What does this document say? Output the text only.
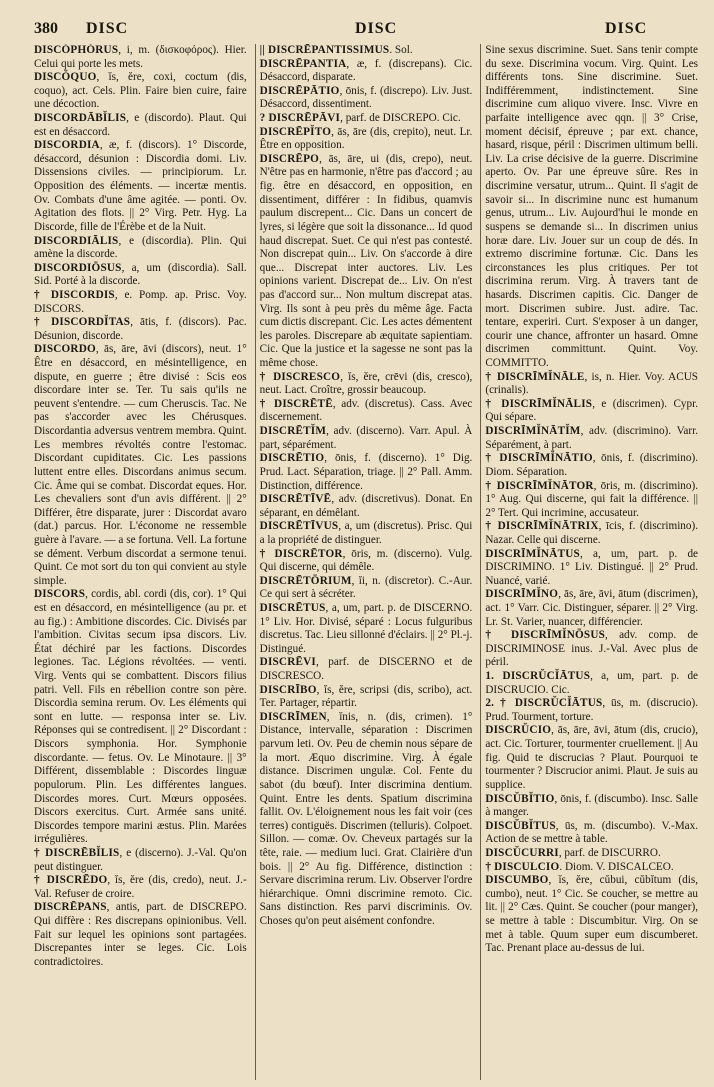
380 DISC	DISC	DISC

DISCŎPHŎRUS, i, m. (δισκοφόρος). Hier. Celui qui porte les mets.

DISCŎQUO, ĭs, ĕre, coxi, coctum (dis, coquo), act. Cels. Plin. Faire bien cuire, faire une décoction.

DISCORDĀBĬLIS, e (discordo). Plaut. Qui est en désaccord.

DISCORDIA, æ, f. (discors). 1° Discorde, désaccord, désunion : Discordia domi. Liv. Dissensions civiles. — principiorum. Lr. Opposition des éléments. — incertæ mentis. Ov. Combats d'une âme agitée. — ponti. Ov. Agitation des flots. || 2° Virg. Petr. Hyg. La Discorde, fille de l'Érèbe et de la Nuit.

DISCORDIĀLIS, e (discordia). Plin. Qui amène la discorde.

DISCORDIŌSUS, a, um (discordia). Sall. Sid. Porté à la discorde.

† DISCORDIS, e. Pomp. ap. Prisc. Voy. DISCORS.

† DISCORDĬTAS, ātis, f. (discors). Pac. Désunion, discorde.

DISCORDO, ās, āre, āvi (discors), neut. 1° Être en désaccord, en mésintelligence, en dispute, en guerre ; être divisé : Scis eos discordare inter se. Ter. Tu sais qu'ils ne peuvent s'entendre. — cum Cheruscis. Tac. Ne pas s'accorder avec les Chérusques. Discordantia adversus ventrem membra. Quint. Les membres révoltés contre l'estomac. Discordant cupiditates. Cic. Les passions luttent entre elles. Discordans animus secum. Cic. Âme qui se combat. Discordat eques. Hor. Les chevaliers sont d'un avis différent. || 2° Différer, être disparate, jurer : Discordat avaro (dat.) parcus. Hor. L'économe ne ressemble guère à l'avare. — a se fortuna. Vell. La fortune se dément. Verbum discordat a sermone tenui. Quint. Ce mot sort du ton qui convient au style simple.

DISCORS, cordis, abl. cordi (dis, cor). 1° Qui est en désaccord, en mésintelligence (au pr. et au fig.) : Ambitione discordes. Cic. Divisés par l'ambition. Civitas secum ipsa discors. Liv. État déchiré par les factions. Discordes legiones. Tac. Légions révoltées. — venti. Virg. Vents qui se combattent. Discors filius patri. Vell. Fils en rébellion contre son père. Discordia semina rerum. Ov. Les éléments qui sont en lutte. — responsa inter se. Liv. Réponses qui se contredisent. || 2° Discordant : Discors symphonia. Hor. Symphonie discordante. — fetus. Ov. Le Minotaure. || 3° Différent, dissemblable : Discordes linguæ populorum. Plin. Les différentes langues. Discordes mores. Curt. Mœurs opposées. Discors exercitus. Curt. Armée sans unité. Discordes tempore marini æstus. Plin. Marées irrégulières.

† DISCRĒBĬLIS, e (discerno). J.-Val. Qu'on peut distinguer.

† DISCRĒDO, ĭs, ĕre (dis, credo), neut. J.-Val. Refuser de croire.

DISCRĒPANS, antis, part. de DISCREPO. Qui diffère : Res discrepans opinionibus. Vell. Fait sur lequel les opinions sont partagées. Discrepantes inter se leges. Cic. Lois contradictoires.

|| DISCRĒPANTISSIMUS. Sol.

DISCRĒPANTIA, æ, f. (discrepans). Cic. Désaccord, disparate.

DISCRĒPĀTIO, ōnis, f. (discrepo). Liv. Just. Désaccord, dissentiment.

? DISCRĒPĀVI, parf. de DISCREPO. Cic.

DISCRĒPĬTO, ās, āre (dis, crepito), neut. Lr. Être en opposition.

DISCRĒPO, ās, āre, ui (dis, crepo), neut. N'être pas en harmonie, n'être pas d'accord ; au fig. être en désaccord, en opposition, en dissentiment, différer : In fidibus, quamvis paulum discrepent... Cic. Dans un concert de lyres, si légère que soit la dissonance... Id quod haud discrepat. Suet. Ce qui n'est pas contesté. Non discrepat quin... Liv. On s'accorde à dire que... Discrepat inter auctores. Liv. Les opinions varient. Discrepat de... Liv. On n'est pas d'accord sur... Non multum discrepat atas. Virg. Ils sont à peu près du même âge. Facta cum dictis discrepant. Cic. Les actes démentent les paroles. Discrepare ab æquitate sapientiam. Cic. Que la justice et la sagesse ne sont pas la même chose.

† DISCRESCO, ĭs, ĕre, crēvi (dis, cresco), neut. Lact. Croître, grossir beaucoup.

† DISCRĒTĒ, adv. (discretus). Cass. Avec discernement.

DISCRĒTĬM, adv. (discerno). Varr. Apul. À part, séparément.

DISCRĒTIO, ōnis, f. (discerno). 1° Dig. Prud. Lact. Séparation, triage. || 2° Pall. Amm. Distinction, différence.

DISCRĒTĪVĒ, adv. (discretivus). Donat. En séparant, en démêlant.

DISCRĒTĪVUS, a, um (discretus). Prisc. Qui a la propriété de distinguer.

† DISCRĒTOR, ōris, m. (discerno). Vulg. Qui discerne, qui démêle.

DISCRĒTŌRIUM, ĭi, n. (discretor). C.-Aur. Ce qui sert à sécréter.

DISCRĒTUS, a, um, part. p. de DISCERNO. 1° Liv. Hor. Divisé, séparé : Locus fulguribus discretus. Tac. Lieu sillonné d'éclairs. || 2° Pl.-j. Distingué.

DISCRĒVI, parf. de DISCERNO et de DISCRESCO.

DISCRĪBO, ĭs, ĕre, scripsi (dis, scribo), act. Ter. Partager, répartir.

DISCRĪMEN, ĭnis, n. (dis, crimen). 1° Distance, intervalle, séparation : Discrimen parvum leti. Ov. Peu de chemin nous sépare de la mort. Æquo discrimine. Virg. À égale distance. Discrimen ungulæ. Col. Fente du sabot (du bœuf). Inter discrimina dentium. Quint. Entre les dents. Spatium discrimina fallit. Ov. L'éloignement nous les fait voir (ces terres) contiguës. Discrimen (telluris). Colpoet. Sillon. — comæ. Ov. Cheveux partagés sur la tête, raie. — medium luci. Grat. Clairière d'un bois. || 2° Au fig. Différence, distinction : Servare discrimina rerum. Liv. Observer l'ordre hiérarchique. Omni discrimine remoto. Cic. Sans distinction. Res parvi discriminis. Ov. Choses qu'on peut aisément confondre.

Sine sexus discrimine. Suet. Sans tenir compte du sexe. Discrimina vocum. Virg. Quint. Les différents tons. Sine discrimine. Suet. Indifféremment, indistinctement. Sine discrimine cum aliquo vivere. Insc. Vivre en parfaite intelligence avec qqn. || 3° Crise, moment décisif, épreuve ; par ext. chance, hasard, risque, péril : Discrimen ultimum belli. Liv. La crise décisive de la guerre. Discrimine aperto. Ov. Par une épreuve sûre. Res in discrimine versatur, utrum... Quint. Il s'agit de savoir si... In discrimine nunc est humanum genus, utrum... Liv. Aujourd'hui le monde en suspens se demande si... In discrimen unius horæ dare. Liv. Jouer sur un coup de dés. In extremo discrimine fortunæ. Cic. Dans les circonstances les plus critiques. Per tot discrimina rerum. Virg. À travers tant de hasards. Discrimen capitis. Cic. Danger de mort. Discrimen subire. Just. adire. Tac. tentare, experiri. Curt. S'exposer à un danger, courir une chance, affronter un hasard. Omne discrimen committunt. Quint. Voy. COMMITTO.

† DISCRĪMĬNĀLE, is, n. Hier. Voy. ACUS (crinalis).

† DISCRĪMĬNĀLIS, e (discrimen). Cypr. Qui sépare.

DISCRĪMĬNĀTĬM, adv. (discrimino). Varr. Séparément, à part.

† DISCRĪMĬNĀTIO, ōnis, f. (discrimino). Diom. Séparation.

† DISCRĪMĬNĀTOR, ōris, m. (discrimino). 1° Aug. Qui discerne, qui fait la différence. || 2° Tert. Qui incrimine, accusateur.

† DISCRĪMĬNĀTRIX, īcis, f. (discrimino). Nazar. Celle qui discerne.

DISCRĪMĬNĀTUS, a, um, part. p. de DISCRIMINO. 1° Liv. Distingué. || 2° Prud. Nuancé, varié.

DISCRĪMĬNO, ās, āre, āvi, ātum (discrimen), act. 1° Varr. Cic. Distinguer, séparer. || 2° Virg. Lr. St. Varier, nuancer, différencier.

† DISCRĪMĬNŌSUS, adv. comp. de DISCRIMINOSE inus. J.-Val. Avec plus de péril.

1. DISCRŬCĬĀTUS, a, um, part. p. de DISCRUCIO. Cic.

2. † DISCRŬCĬĀTUS, ūs, m. (discrucio). Prud. Tourment, torture.

DISCRŬCIO, ās, āre, āvi, ātum (dis, crucio), act. Cic. Torturer, tourmenter cruellement. || Au fig. Quid te discrucias ? Plaut. Pourquoi te tourmenter ? Discrucior animi. Plaut. Je suis au supplice.

DISCŬBĬTIO, ōnis, f. (discumbo). Insc. Salle à manger.

DISCŬBĬTUS, ūs, m. (discumbo). V.-Max. Action de se mettre à table.

DISCŬCURRI, parf. de DISCURRO.

† DISCULCIO. Diom. V. DISCALCEO.

DISCUMBO, ĭs, ĕre, cŭbui, cŭbĭtum (dis, cumbo), neut. 1° Cic. Se coucher, se mettre au lit. || 2° Cæs. Quint. Se coucher (pour manger), se mettre à table : Discumbitur. Virg. On se met à table. Quum super eum discumberet. Tac. Prenant place au-dessus de lui.
